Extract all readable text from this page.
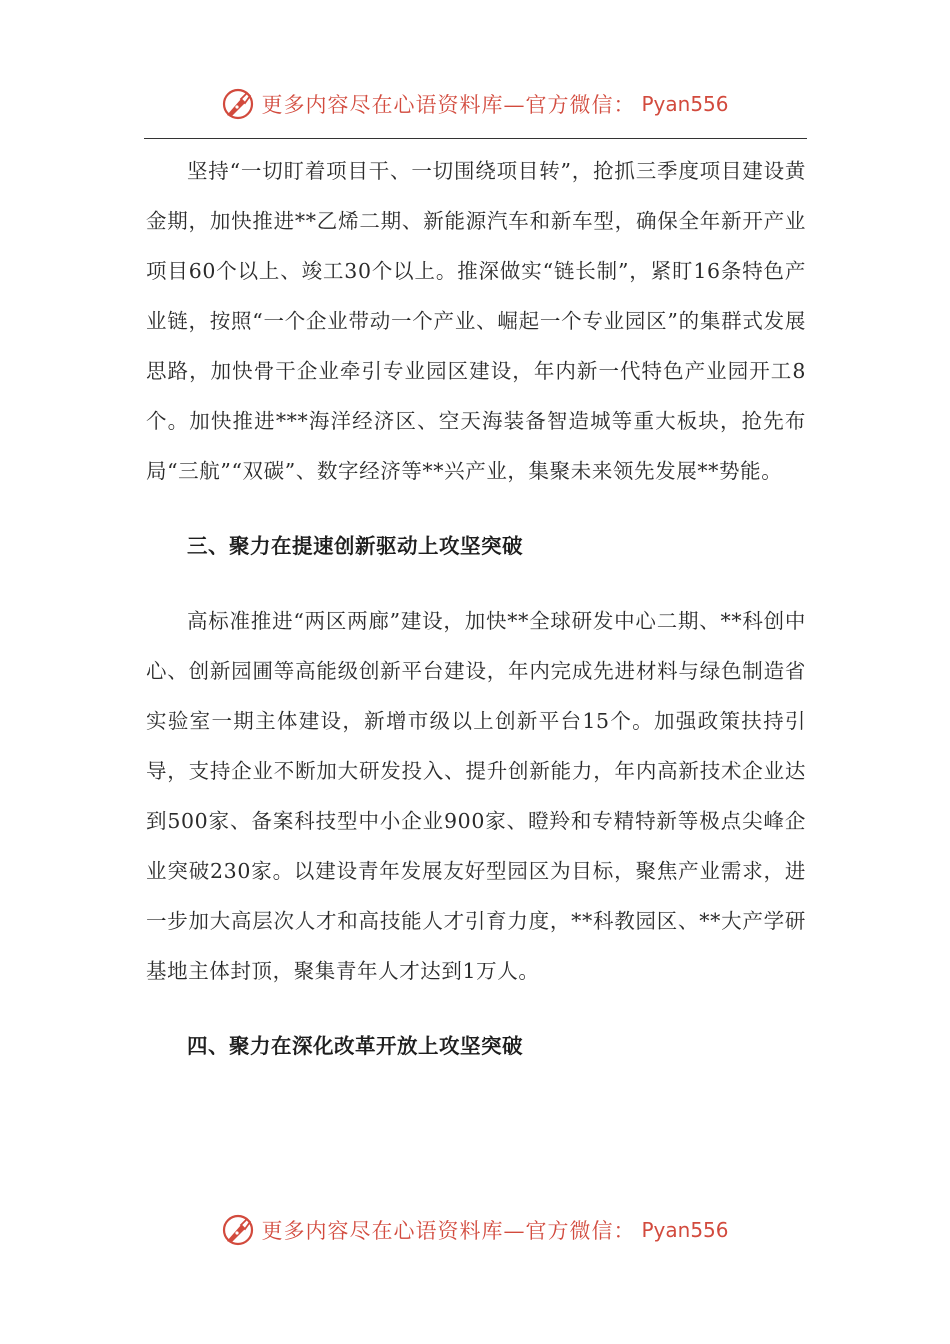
更多内容尽在心语资料库—官方微信： Pyan556

坚持“一切盯着项目干、一切围绕项目转”，抢抓三季度项目建设黄金期，加快推进**乙烯二期、新能源汽车和新车型，确保全年新开产业项目60个以上、竣工30个以上。推深做实“链长制”，紧盯16条特色产业链，按照“一个企业带动一个产业、崛起一个专业园区”的集群式发展思路，加快骨干企业牵引专业园区建设，年内新一代特色产业园开工8个。加快推进***海洋经济区、空天海装备智造城等重大板块，抢先布局“三航”“双碳”、数字经济等**兴产业，集聚未来领先发展**势能。

三、聚力在提速创新驱动上攻坚突破

高标准推进“两区两廊”建设，加快**全球研发中心二期、**科创中心、创新园圃等高能级创新平台建设，年内完成先进材料与绿色制造省实验室一期主体建设，新增市级以上创新平台15个。加强政策扶持引导，支持企业不断加大研发投入、提升创新能力，年内高新技术企业达到500家、备案科技型中小企业900家、瞪羚和专精特新等极点尖峰企业突破230家。以建设青年发展友好型园区为目标，聚焦产业需求，进一步加大高层次人才和高技能人才引育力度，**科教园区、**大产学研基地主体封顶，聚集青年人才达到1万人。

四、聚力在深化改革开放上攻坚突破
更多内容尽在心语资料库—官方微信： Pyan556
